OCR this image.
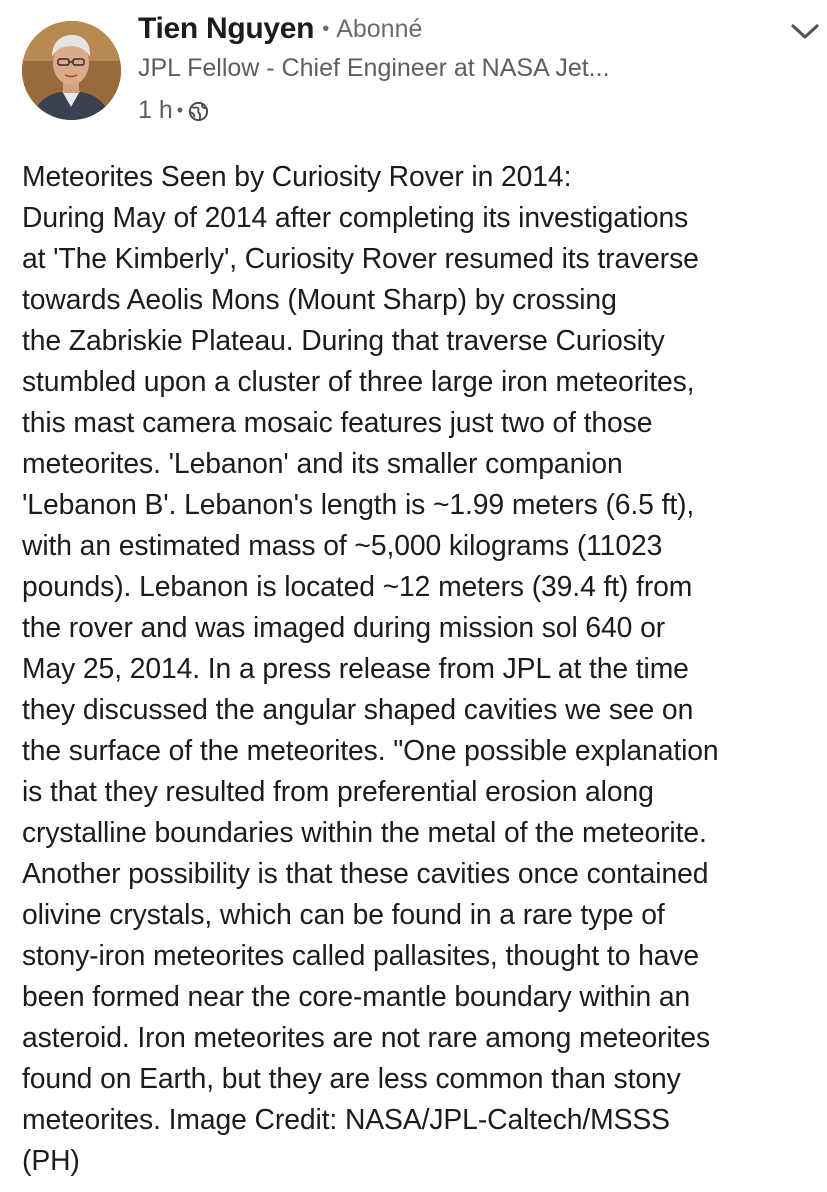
Tien Nguyen • Abonné
JPL Fellow - Chief Engineer at NASA Jet...
1 h •
Meteorites Seen by Curiosity Rover in 2014:
During May of 2014 after completing its investigations
at 'The Kimberly', Curiosity Rover resumed its traverse
towards Aeolis Mons (Mount Sharp) by crossing
the Zabriskie Plateau. During that traverse Curiosity
stumbled upon a cluster of three large iron meteorites,
this mast camera mosaic features just two of those
meteorites. 'Lebanon' and its smaller companion
'Lebanon B'. Lebanon's length is ~1.99 meters (6.5 ft),
with an estimated mass of ~5,000 kilograms (11023
pounds). Lebanon is located ~12 meters (39.4 ft) from
the rover and was imaged during mission sol 640 or
May 25, 2014. In a press release from JPL at the time
they discussed the angular shaped cavities we see on
the surface of the meteorites. "One possible explanation
is that they resulted from preferential erosion along
crystalline boundaries within the metal of the meteorite.
Another possibility is that these cavities once contained
olivine crystals, which can be found in a rare type of
stony-iron meteorites called pallasites, thought to have
been formed near the core-mantle boundary within an
asteroid. Iron meteorites are not rare among meteorites
found on Earth, but they are less common than stony
meteorites. Image Credit: NASA/JPL-Caltech/MSSS
(PH)
